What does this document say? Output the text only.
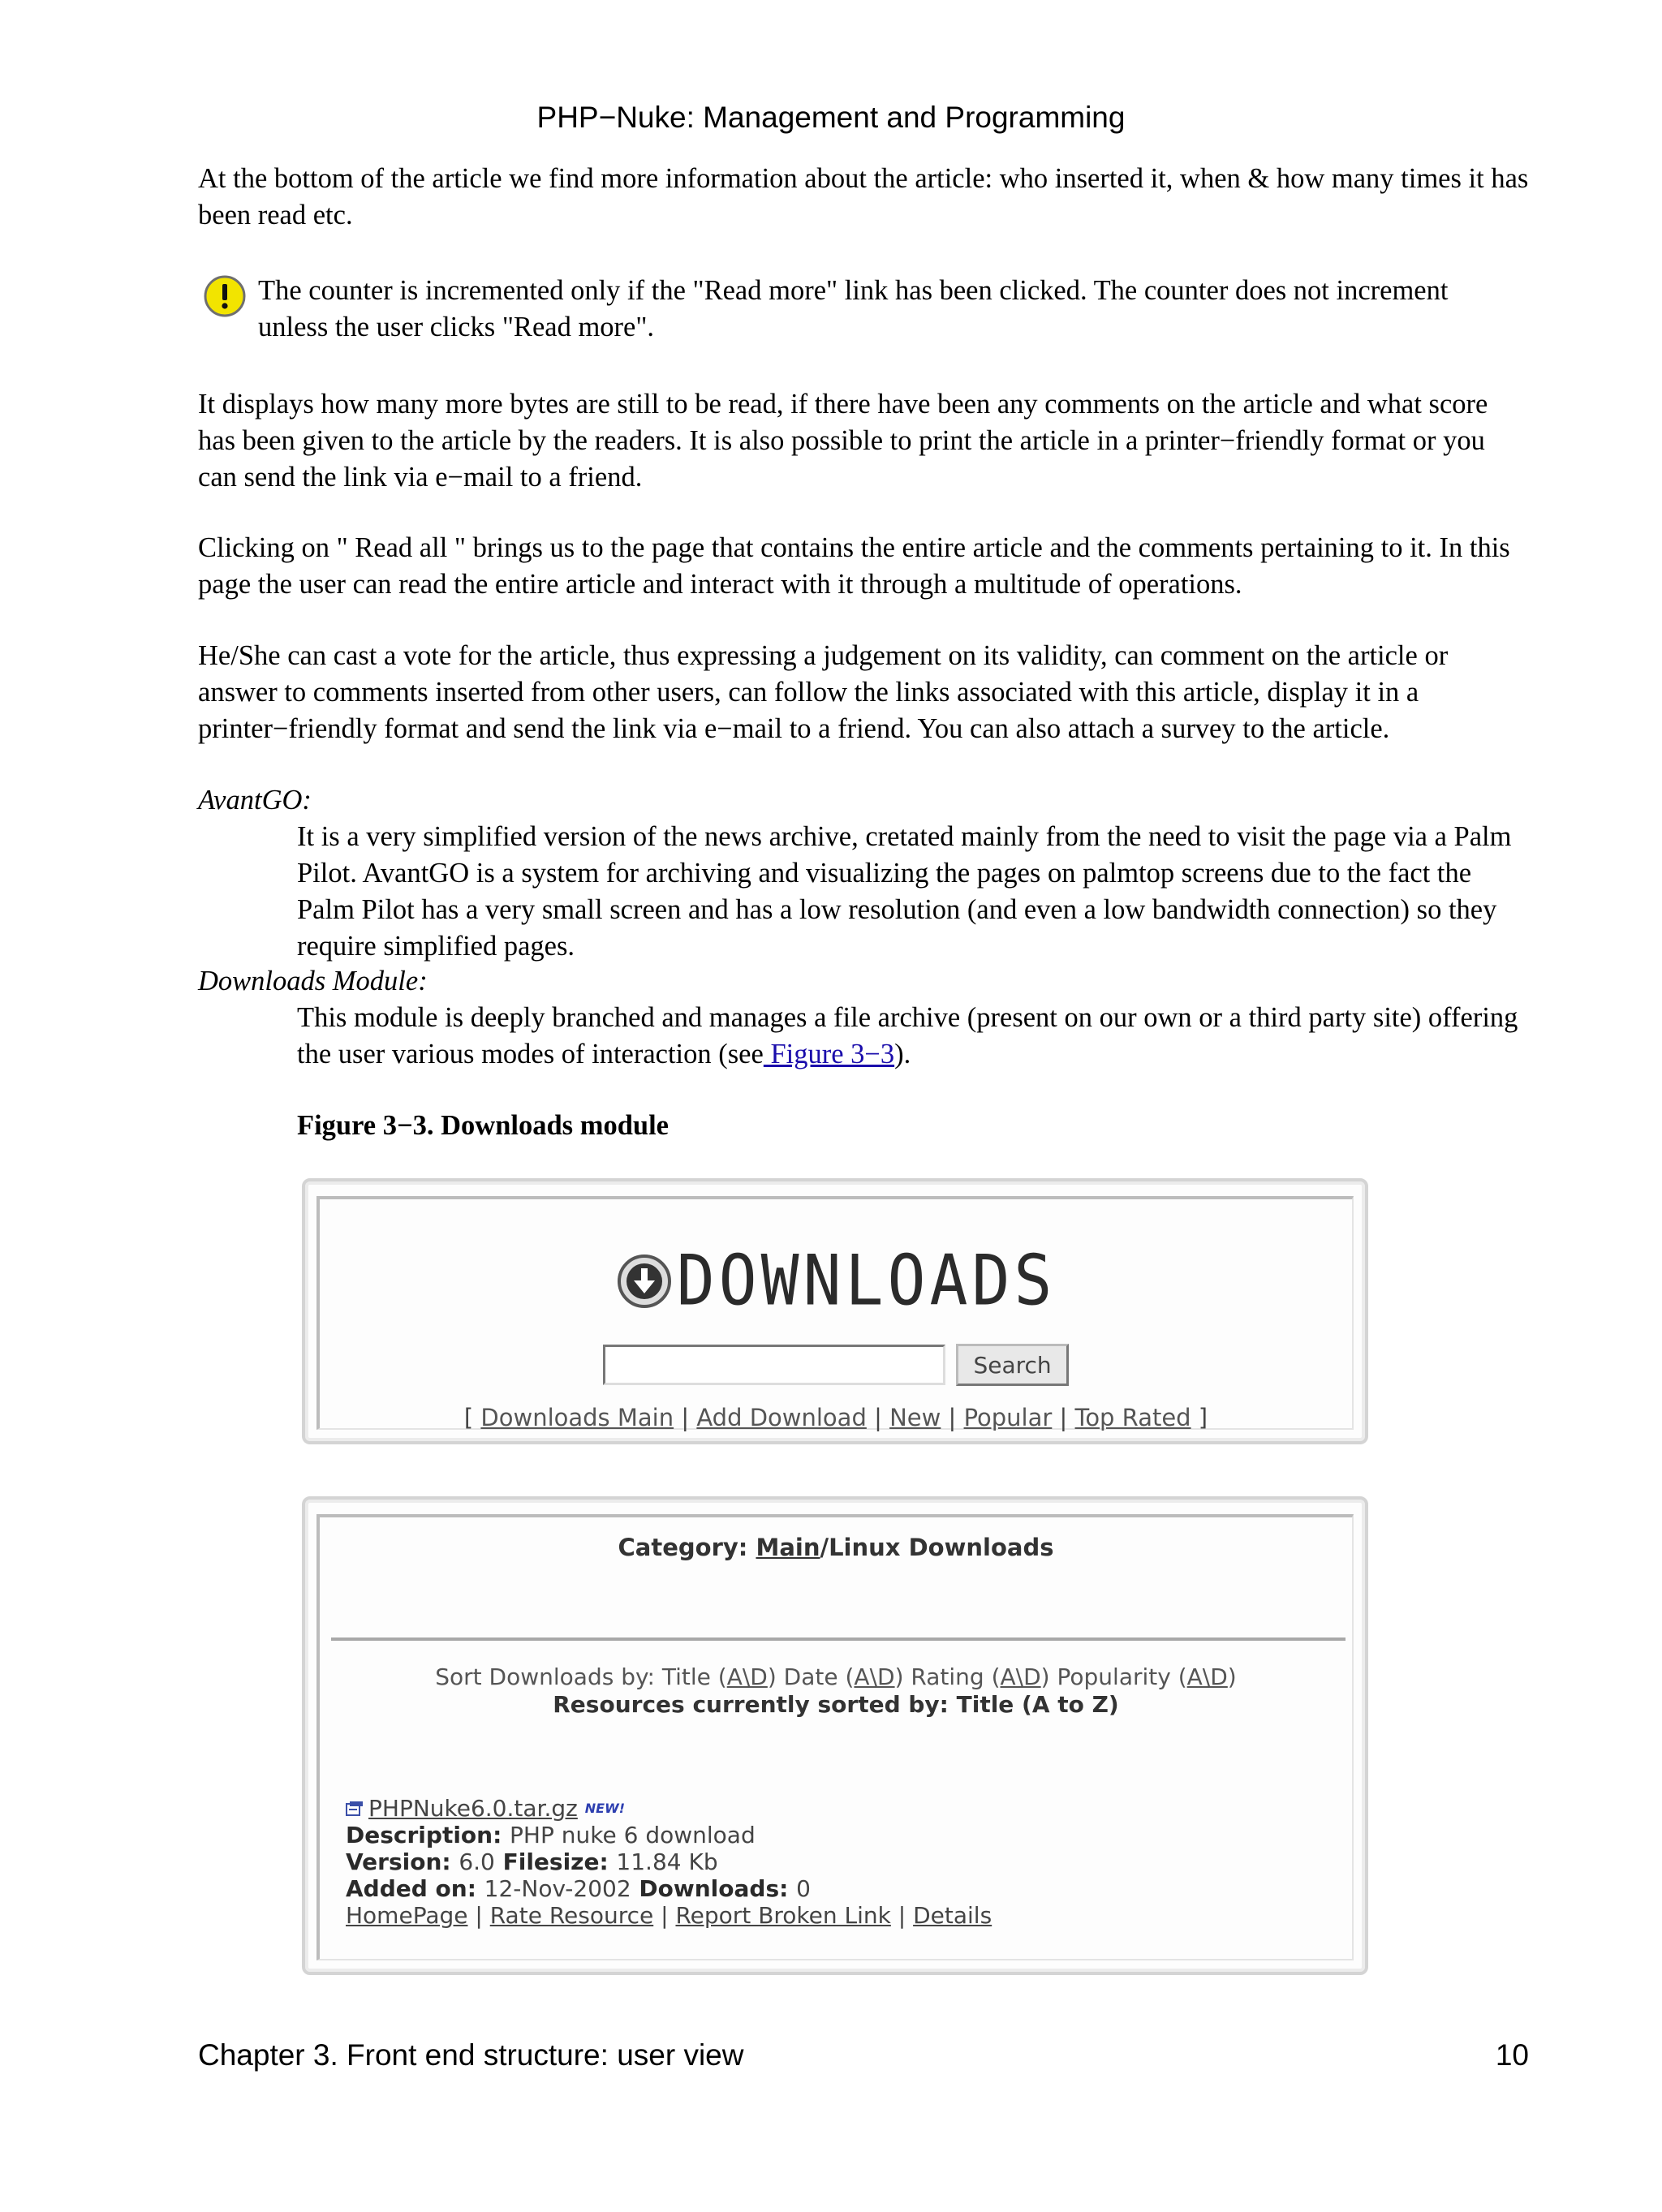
PHP−Nuke: Management and Programming

At the bottom of the article we find more information about the article: who inserted it, when & how many times it has been read etc.

The counter is incremented only if the "Read more" link has been clicked. The counter does not increment unless the user clicks "Read more".

It displays how many more bytes are still to be read, if there have been any comments on the article and what score has been given to the article by the readers. It is also possible to print the article in a printer−friendly format or you can send the link via e−mail to a friend.

Clicking on " Read all " brings us to the page that contains the entire article and the comments pertaining to it. In this page the user can read the entire article and interact with it through a multitude of operations.

He/She can cast a vote for the article, thus expressing a judgement on its validity, can comment on the article or answer to comments inserted from other users, can follow the links associated with this article, display it in a printer−friendly format and send the link via e−mail to a friend. You can also attach a survey to the article.

AvantGO:

It is a very simplified version of the news archive, cretated mainly from the need to visit the page via a Palm Pilot. AvantGO is a system for archiving and visualizing the pages on palmtop screens due to the fact the Palm Pilot has a very small screen and has a low resolution (and even a low bandwidth connection) so they require simplified pages.

Downloads Module:

This module is deeply branched and manages a file archive (present on our own or a third party site) offering the user various modes of interaction (see Figure 3−3).

Figure 3−3. Downloads module
DOWNLOADS
Search
[ Downloads Main | Add Download | New | Popular | Top Rated ]
Category: Main/Linux Downloads
Sort Downloads by: Title (A\D) Date (A\D) Rating (A\D) Popularity (A\D)
Resources currently sorted by: Title (A to Z)
PHPNuke6.0.tar.gz $^{NEW!}$
Description: PHP nuke 6 download
Version: 6.0 Filesize: 11.84 Kb
Added on: 12-Nov-2002 Downloads: 0
HomePage | Rate Resource | Report Broken Link | Details
Chapter 3. Front end structure: user view	10
